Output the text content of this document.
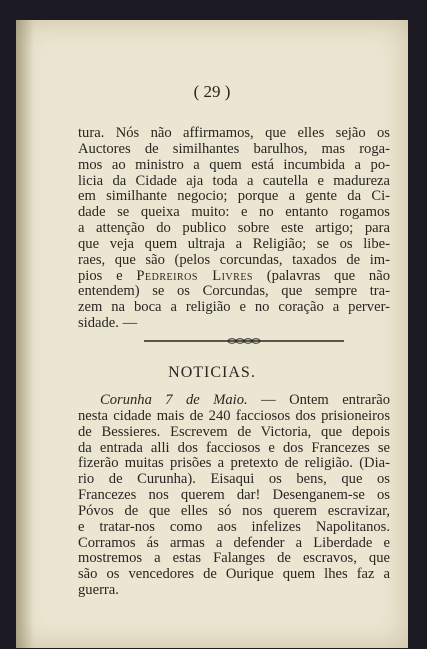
( 29 )
tura. Nós não affirmamos, que elles sejão os
Auctores de similhantes barulhos, mas roga-
mos ao ministro a quem está incumbida a po-
licia da Cidade aja toda a cautella e madureza
em similhante negocio; porque a gente da Ci-
dade se queixa muito: e no entanto rogamos
a attenção do publico sobre este artigo; para
que veja quem ultraja a Religião; se os libe-
raes, que são (pelos corcundas, taxados de im-
pios e Pedreiros Livres (palavras que não
entendem) se os Corcundas, que sempre tra-
zem na boca a religião e no coração a perver-
sidade. —
NOTICIAS.
Corunha 7 de Maio. — Ontem entrarão
nesta cidade mais de 240 facciosos dos prisioneiros
de Bessieres. Escrevem de Victoria, que depois
da entrada alli dos facciosos e dos Francezes se
fizerão muitas prisões a pretexto de religião. (Dia-
rio de Curunha). Eisaqui os bens, que os
Francezes nos querem dar! Desenganem-se os
Póvos de que elles só nos querem escravizar,
e tratar-nos como aos infelizes Napolitanos.
Corramos ás armas a defender a Liberdade e
mostremos a estas Falanges de escravos, que
são os vencedores de Ourique quem lhes faz a
guerra.
